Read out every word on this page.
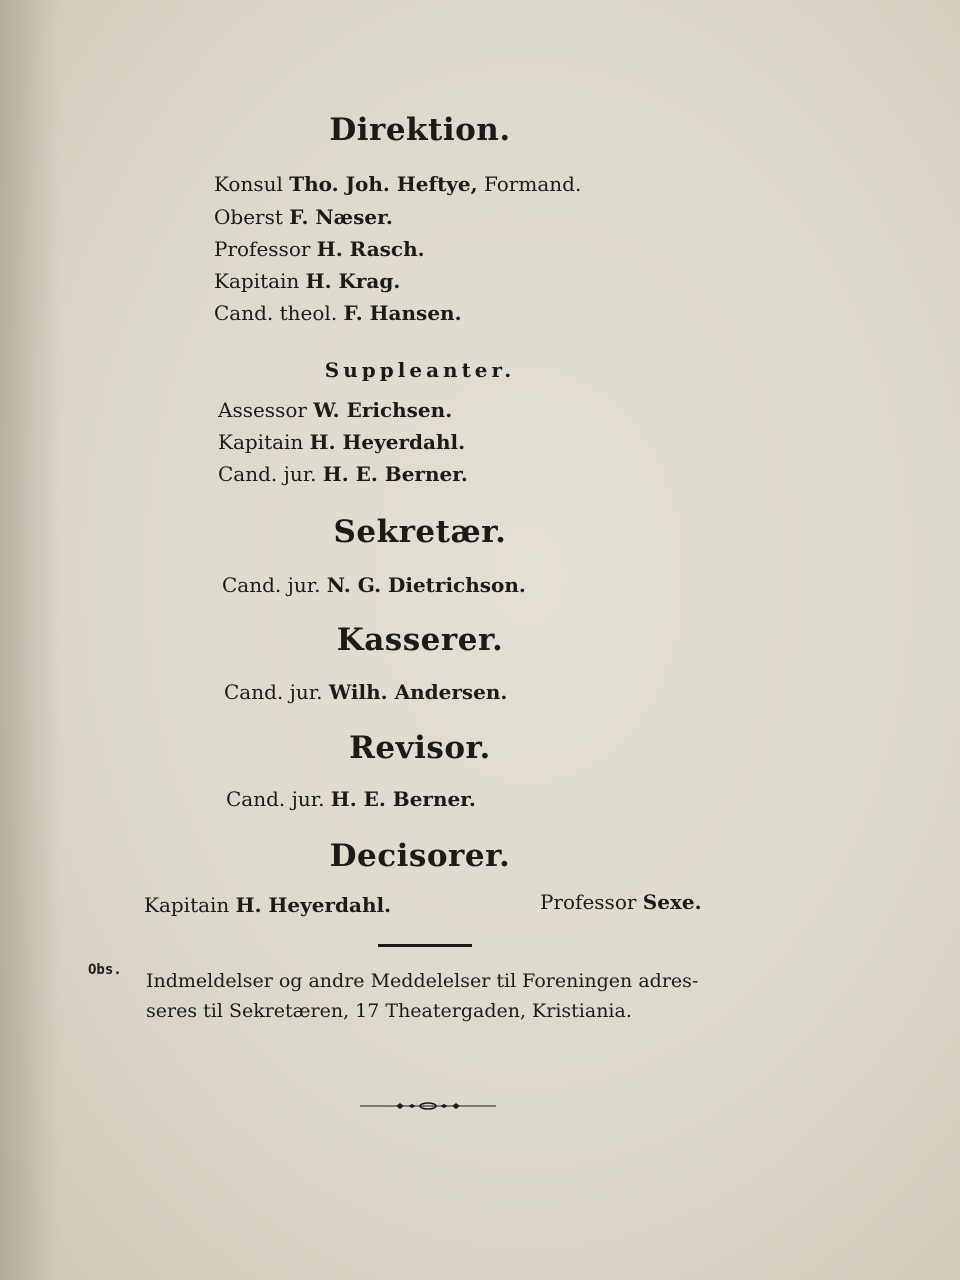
Direktion.

Konsul Tho. Joh. Heftye, Formand.

Oberst F. Næser.

Professor H. Rasch.

Kapitain H. Krag.

Cand. theol. F. Hansen.

Suppleanter.

Assessor W. Erichsen.

Kapitain H. Heyerdahl.

Cand. jur. H. E. Berner.

Sekretær.

Cand. jur. N. G. Dietrichson.

Kasserer.

Cand. jur. Wilh. Andersen.

Revisor.

Cand. jur. H. E. Berner.

Decisorer.

Kapitain H. Heyerdahl.	Professor Sexe.

Obs. Indmeldelser og andre Meddelelser til Foreningen adres-
seres til Sekretæren, 17 Theatergaden, Kristiania.
